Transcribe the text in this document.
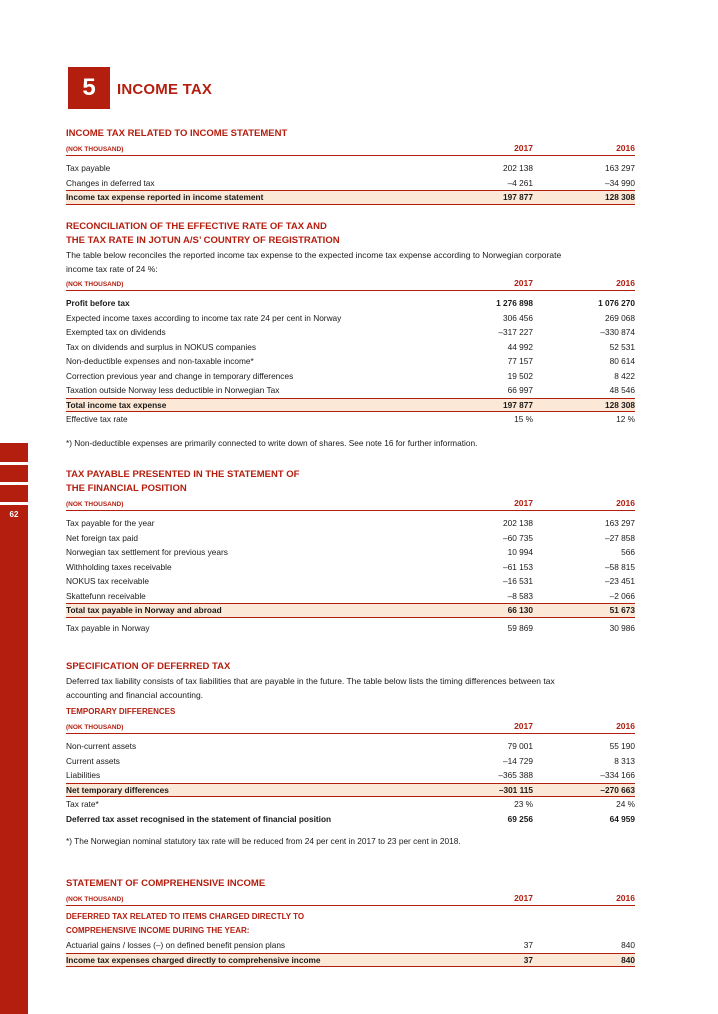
62
JOTUN A/S
5	INCOME TAX
INCOME TAX RELATED TO INCOME STATEMENT
(NOK THOUSAND)	2017	2016
Tax payable	202 138	163 297
Changes in deferred tax	–4 261	–34 990
Income tax expense reported in income statement	197 877	128 308
RECONCILIATION OF THE EFFECTIVE RATE OF TAX AND
THE TAX RATE IN JOTUN A/S’ COUNTRY OF REGISTRATION
The table below reconciles the reported income tax expense to the expected income tax expense according to Norwegian corporate
income tax rate of 24 %:
(NOK THOUSAND)	2017	2016
Profit before tax	1 276 898	1 076 270
Expected income taxes according to income tax rate 24 per cent in Norway	306 456	269 068
Exempted tax on dividends	–317 227	–330 874
Tax on dividends and surplus in NOKUS companies	44 992	52 531
Non-deductible expenses and non-taxable income*	77 157	80 614
Correction previous year and change in temporary differences	19 502	8 422
Taxation outside Norway less deductible in Norwegian Tax	66 997	48 546
Total income tax expense	197 877	128 308
Effective tax rate	15 %	12 %
*) Non-deductible expenses are primarily connected to write down of shares. See note 16 for further information.
TAX PAYABLE PRESENTED IN THE STATEMENT OF
THE FINANCIAL POSITION
(NOK THOUSAND)	2017	2016
Tax payable for the year	202 138	163 297
Net foreign tax paid	–60 735	–27 858
Norwegian tax settlement for previous years	10 994	566
Withholding taxes receivable	–61 153	–58 815
NOKUS tax receivable	–16 531	–23 451
Skattefunn receivable	–8 583	–2 066
Total tax payable in Norway and abroad	66 130	51 673
Tax payable in Norway	59 869	30 986
SPECIFICATION OF DEFERRED TAX
Deferred tax liability consists of tax liabilities that are payable in the future. The table below lists the timing differences between tax
accounting and financial accounting.
TEMPORARY DIFFERENCES
(NOK THOUSAND)	2017	2016
Non-current assets	79 001	55 190
Current assets	–14 729	8 313
Liabilities	–365 388	–334 166
Net temporary differences	–301 115	–270 663
Tax rate*	23 %	24 %
Deferred tax asset recognised in the statement of financial position	69 256	64 959
*) The Norwegian nominal statutory tax rate will be reduced from 24 per cent in 2017 to 23 per cent in 2018.
STATEMENT OF COMPREHENSIVE INCOME
(NOK THOUSAND)	2017	2016
DEFERRED TAX RELATED TO ITEMS CHARGED DIRECTLY TO
COMPREHENSIVE INCOME DURING THE YEAR:
Actuarial gains / losses (–) on defined benefit pension plans	37	840
Income tax expenses charged directly to comprehensive income	37	840
